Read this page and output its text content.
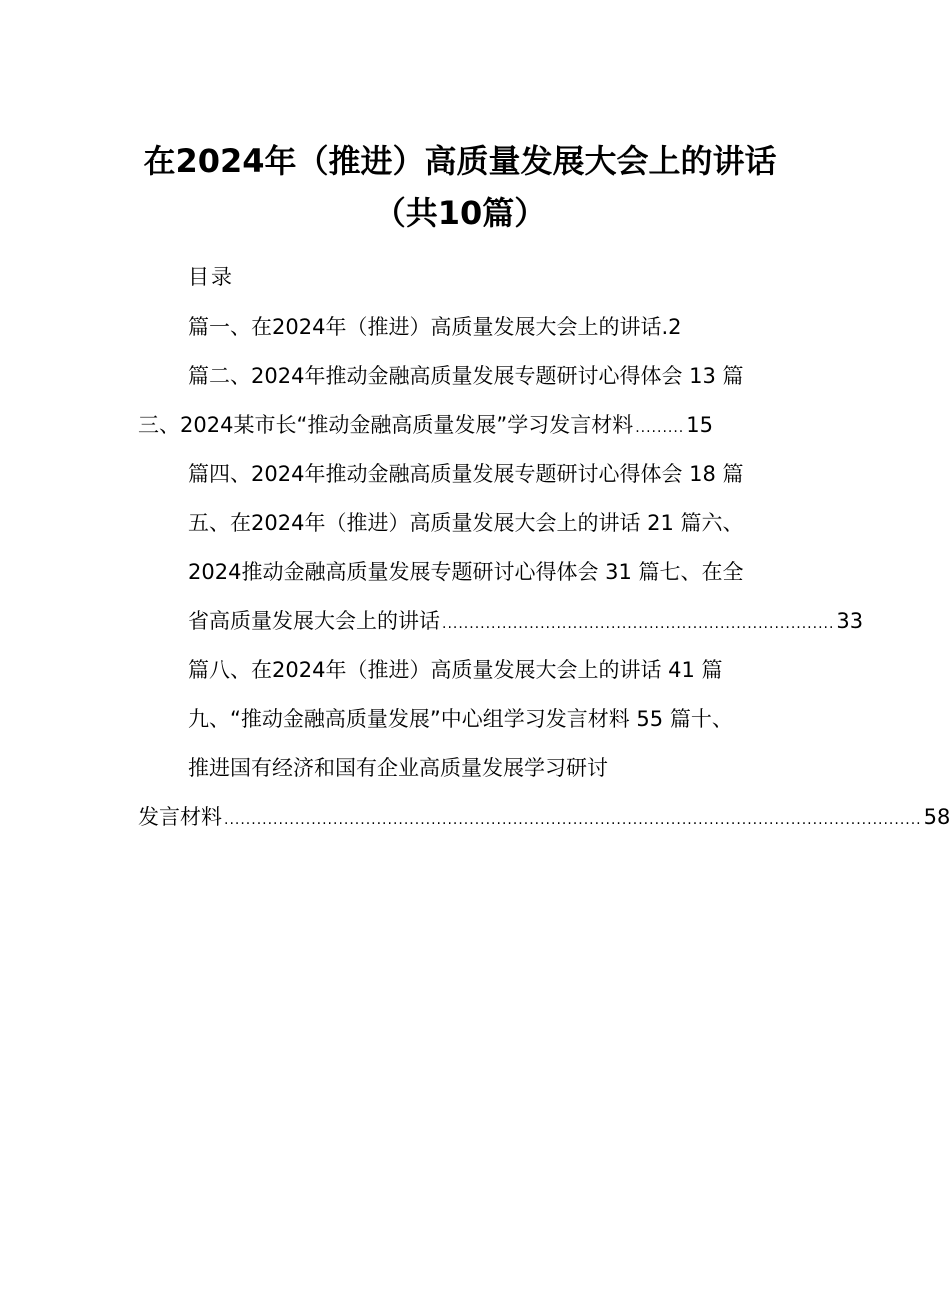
在2024年（推进）高质量发展大会上的讲话
（共10篇）
目录
篇一、在2024年（推进）高质量发展大会上的讲话.2
篇二、2024年推动金融高质量发展专题研讨心得体会 13 篇
三、2024某市长“推动金融高质量发展”学习发言材料 ......... 15
篇四、2024年推动金融高质量发展专题研讨心得体会 18 篇
五、在2024年（推进）高质量发展大会上的讲话 21 篇六、
2024推动金融高质量发展专题研讨心得体会 31 篇七、在全
省高质量发展大会上的讲话 ........................................................................ 33
篇八、在2024年（推进）高质量发展大会上的讲话 41 篇
九、“推动金融高质量发展”中心组学习发言材料 55 篇十、
推进国有经济和国有企业高质量发展学习研讨
发言材料 ................................................................................................................................ 58
